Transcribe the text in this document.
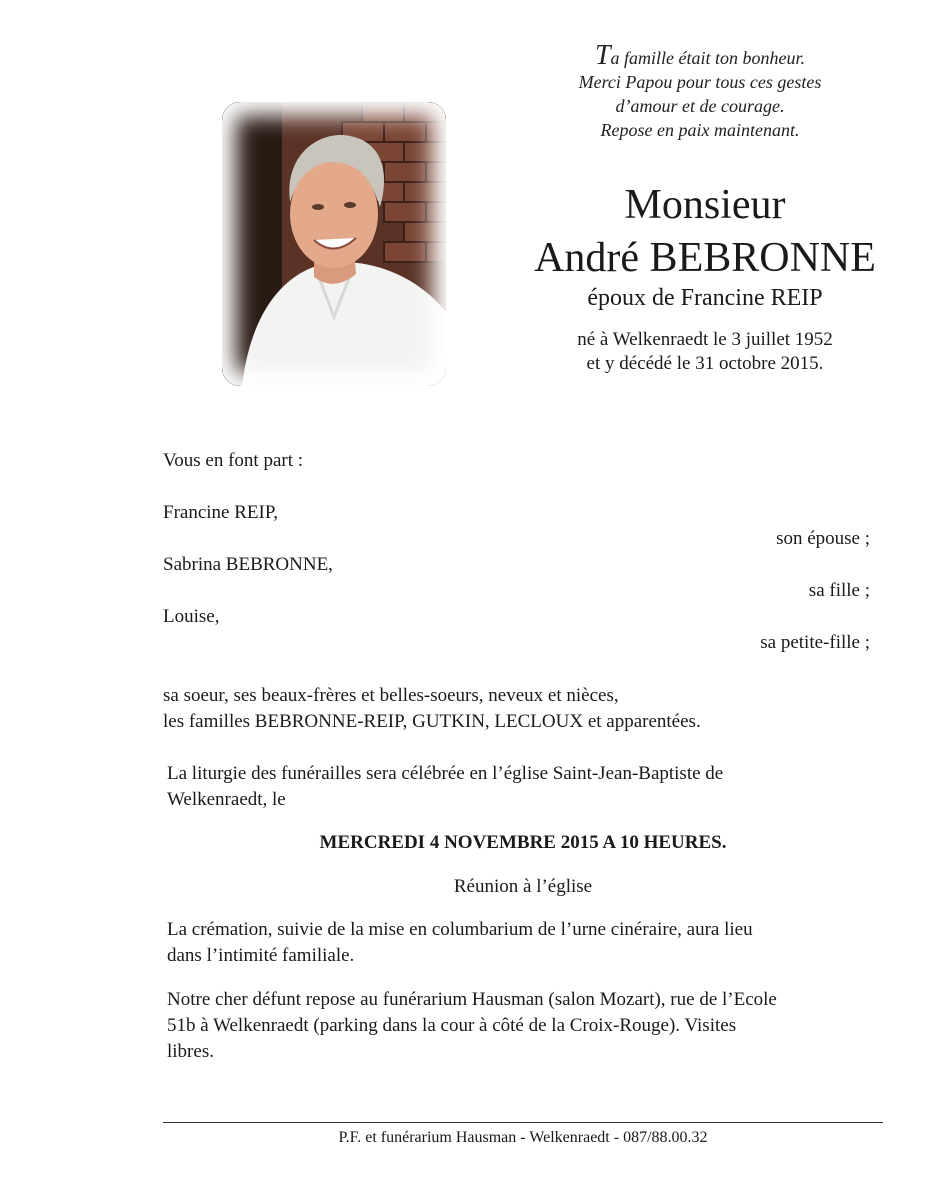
Ta famille était ton bonheur.
Merci Papou pour tous ces gestes
d’amour et de courage.
Repose en paix maintenant.
Monsieur
André BEBRONNE
époux de Francine REIP
né à Welkenraedt le 3 juillet 1952
et y décédé le 31 octobre 2015.
Vous en font part :
Francine REIP,
son épouse ;
Sabrina BEBRONNE,
sa fille ;
Louise,
sa petite-fille ;
sa soeur, ses beaux-frères et belles-soeurs, neveux et nièces,
les familles BEBRONNE-REIP, GUTKIN, LECLOUX et apparentées.
La liturgie des funérailles sera célébrée en l’église Saint-Jean-Baptiste de
Welkenraedt, le
MERCREDI 4 NOVEMBRE 2015 A 10 HEURES.
Réunion à l’église
La crémation, suivie de la mise en columbarium de l’urne cinéraire, aura lieu
dans l’intimité familiale.
Notre cher défunt repose au funérarium Hausman (salon Mozart), rue de l’Ecole
51b à Welkenraedt (parking dans la cour à côté de la Croix-Rouge). Visites
libres.
P.F. et funérarium Hausman - Welkenraedt - 087/88.00.32
